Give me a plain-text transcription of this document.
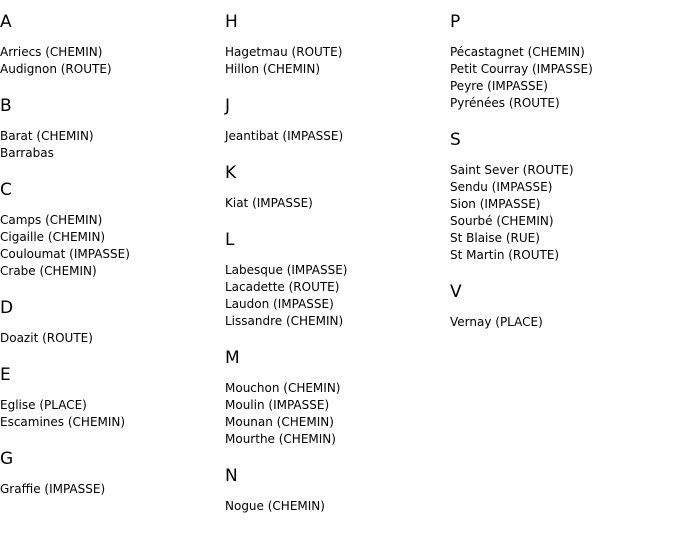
A
Arriecs (CHEMIN)
Audignon (ROUTE)
B
Barat (CHEMIN)
Barrabas
C
Camps (CHEMIN)
Cigaille (CHEMIN)
Couloumat (IMPASSE)
Crabe (CHEMIN)
D
Doazit (ROUTE)
E
Eglise (PLACE)
Escamines (CHEMIN)
G
Graffie (IMPASSE)
H
Hagetmau (ROUTE)
Hillon (CHEMIN)
J
Jeantibat (IMPASSE)
K
Kiat (IMPASSE)
L
Labesque (IMPASSE)
Lacadette (ROUTE)
Laudon (IMPASSE)
Lissandre (CHEMIN)
M
Mouchon (CHEMIN)
Moulin (IMPASSE)
Mounan (CHEMIN)
Mourthe (CHEMIN)
N
Nogue (CHEMIN)
P
Pécastagnet (CHEMIN)
Petit Courray (IMPASSE)
Peyre (IMPASSE)
Pyrénées (ROUTE)
S
Saint Sever (ROUTE)
Sendu (IMPASSE)
Sion (IMPASSE)
Sourbé (CHEMIN)
St Blaise (RUE)
St Martin (ROUTE)
V
Vernay (PLACE)
